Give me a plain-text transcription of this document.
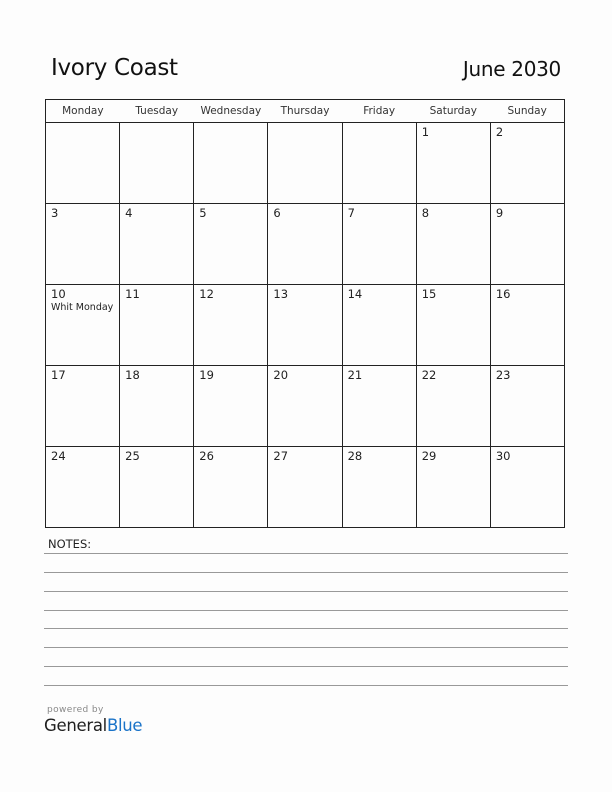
Ivory Coast	June 2030
Monday	Tuesday	Wednesday	Thursday	Friday	Saturday	Sunday

					1	2

3	4	5	6	7	8	9

10
Whit Monday	11	12	13	14	15	16

17	18	19	20	21	22	23

24	25	26	27	28	29	30
NOTES:
powered by
GeneralBlue
